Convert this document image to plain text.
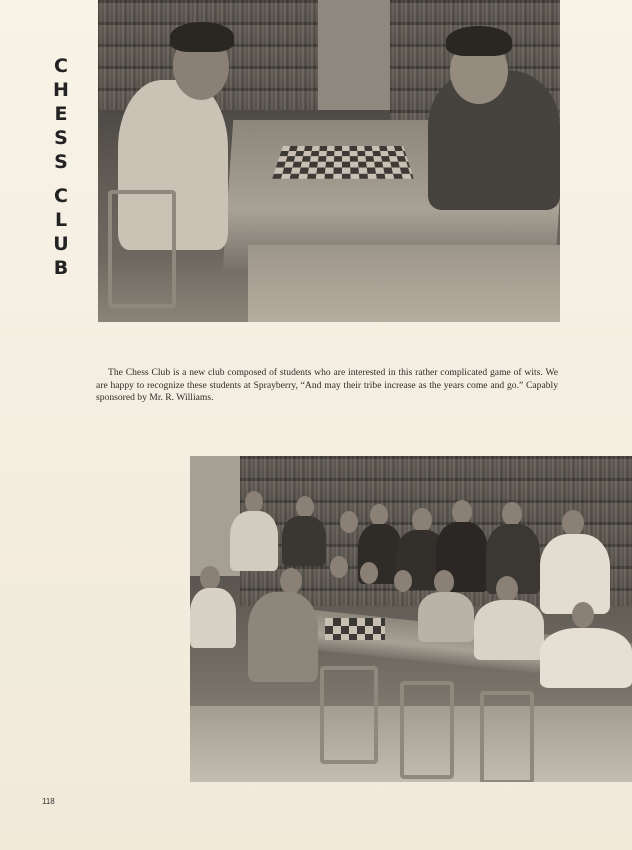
C
H
E
S
S
C
L
U
B
The Chess Club is a new club composed of students who are interested in this rather complicated game of wits. We are happy to recognize these students at Sprayberry, “And may their tribe increase as the years come and go.” Capably sponsored by Mr. R. Williams.
118
